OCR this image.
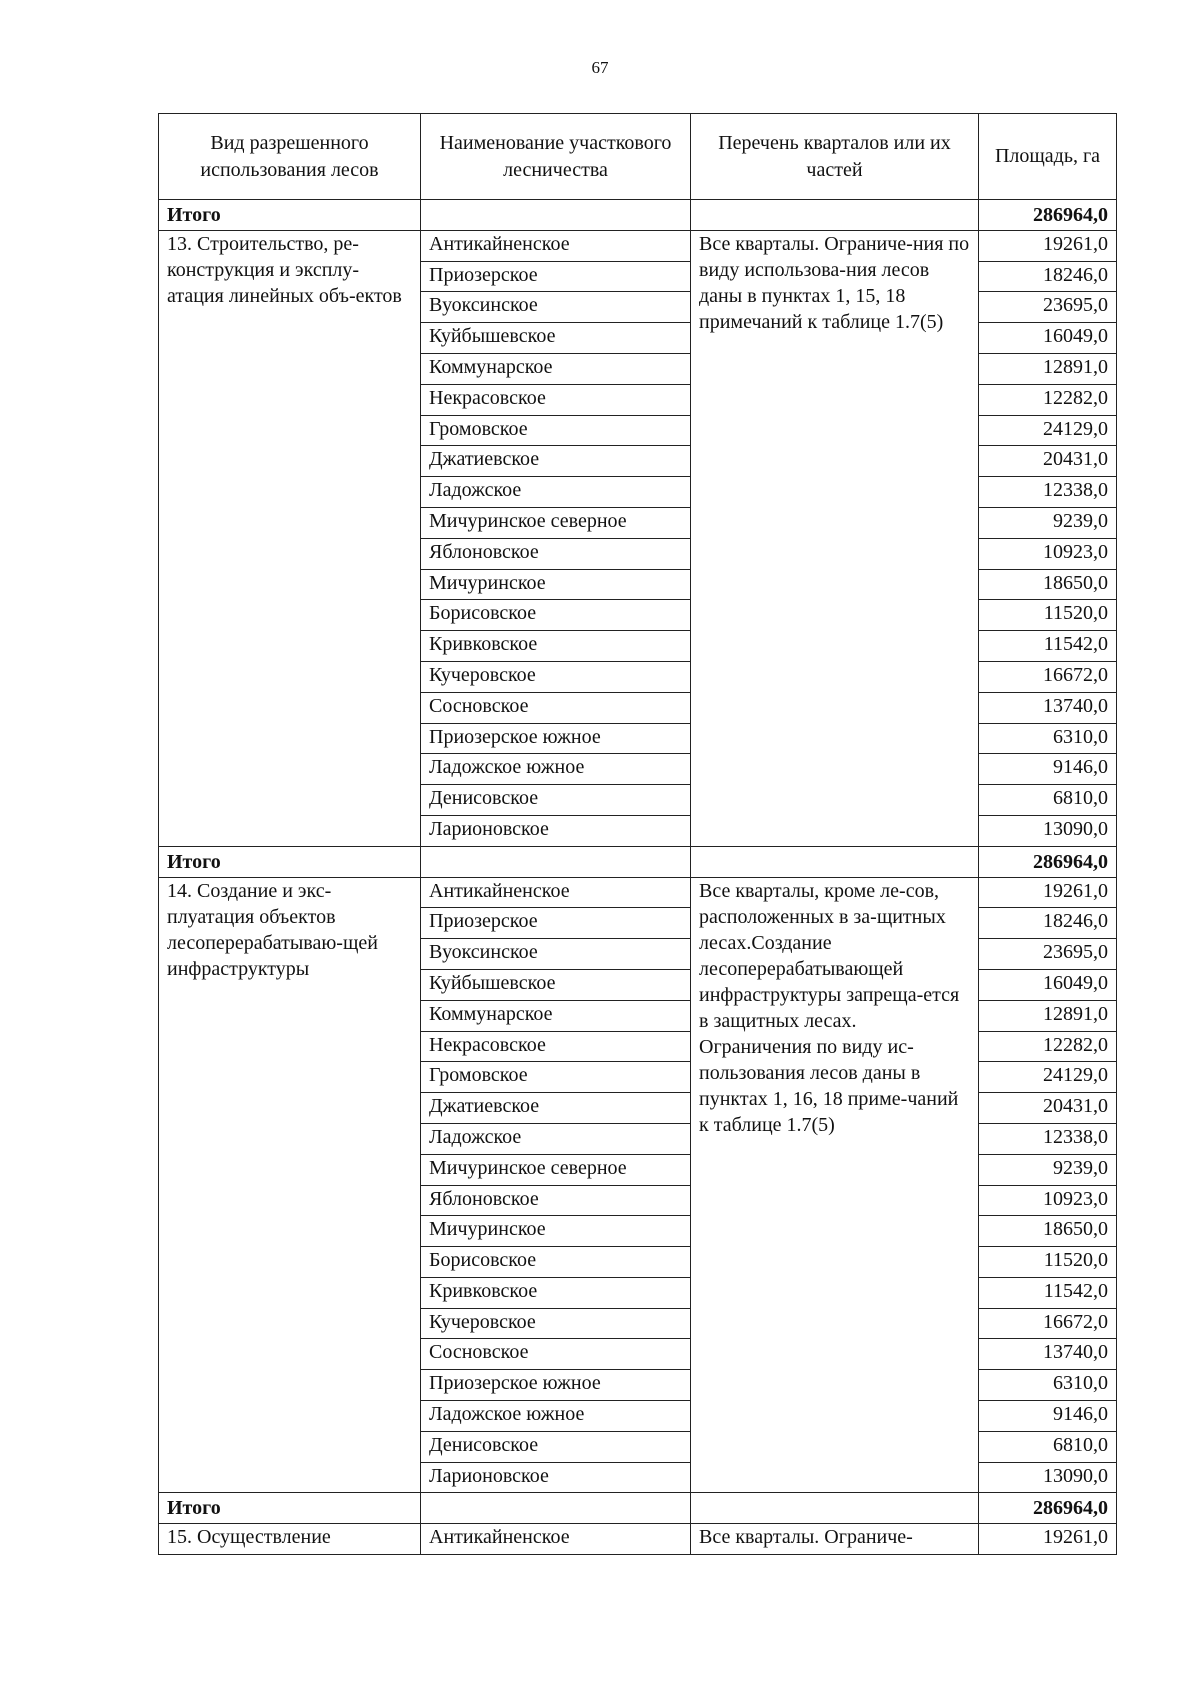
67
Вид разрешенного использования лесов	Наименование участкового лесничества	Перечень кварталов или их частей	Площадь, га
Итого			286964,0
13. Строительство, ре-конструкция и эксплу-атация линейных объ-ектов	Антикайненское	Все кварталы. Ограниче-ния по виду использова-ния лесов даны в пунктах 1, 15, 18 примечаний к таблице 1.7(5)	19261,0
	Приозерское		18246,0
	Вуоксинское		23695,0
	Куйбышевское		16049,0
	Коммунарское		12891,0
	Некрасовское		12282,0
	Громовское		24129,0
	Джатиевское		20431,0
	Ладожское		12338,0
	Мичуринское северное		9239,0
	Яблоновское		10923,0
	Мичуринское		18650,0
	Борисовское		11520,0
	Кривковское		11542,0
	Кучеровское		16672,0
	Сосновское		13740,0
	Приозерское южное		6310,0
	Ладожское южное		9146,0
	Денисовское		6810,0
	Ларионовское		13090,0
Итого			286964,0
14. Создание и экс-плуатация объектов лесоперерабатываю-щей инфраструктуры	Антикайненское	Все кварталы, кроме ле-сов, расположенных в за-щитных лесах.Создание лесоперерабатывающей инфраструктуры запреща-ется в защитных лесах. Ограничения по виду ис-пользования лесов даны в пунктах 1, 16, 18 приме-чаний к таблице 1.7(5)	19261,0
	Приозерское		18246,0
	Вуоксинское		23695,0
	Куйбышевское		16049,0
	Коммунарское		12891,0
	Некрасовское		12282,0
	Громовское		24129,0
	Джатиевское		20431,0
	Ладожское		12338,0
	Мичуринское северное		9239,0
	Яблоновское		10923,0
	Мичуринское		18650,0
	Борисовское		11520,0
	Кривковское		11542,0
	Кучеровское		16672,0
	Сосновское		13740,0
	Приозерское южное		6310,0
	Ладожское южное		9146,0
	Денисовское		6810,0
	Ларионовское		13090,0
Итого			286964,0
15. Осуществление	Антикайненское	Все кварталы. Ограниче-	19261,0
